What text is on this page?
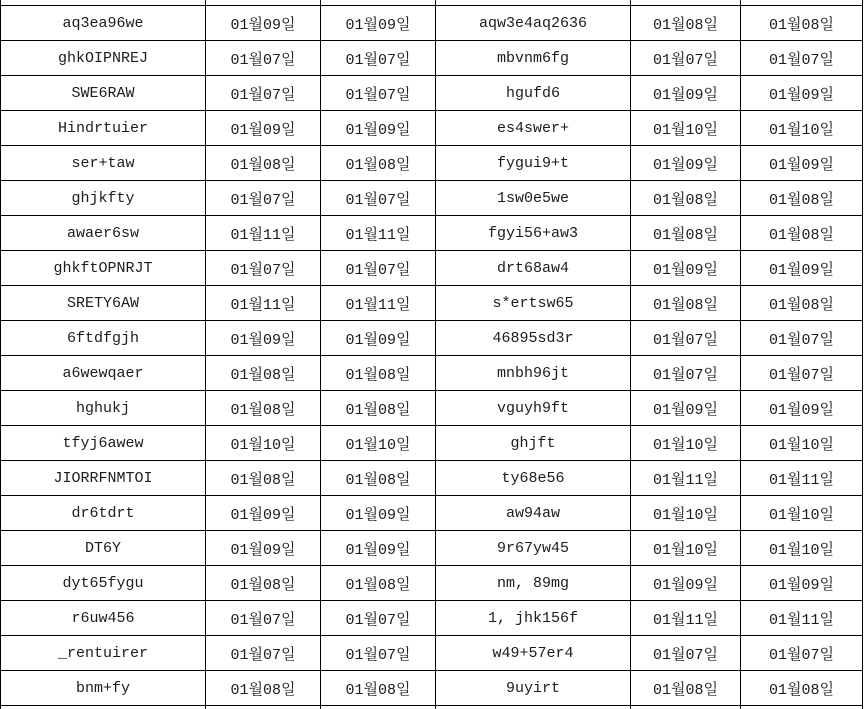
aq3ea96we	01월09일	01월09일	aqw3e4aq2636	01월08일	01월08일
ghkOIPNREJ	01월07일	01월07일	mbvnm6fg	01월07일	01월07일
SWE6RAW	01월07일	01월07일	hgufd6	01월09일	01월09일
Hindrtuier	01월09일	01월09일	es4swer+	01월10일	01월10일
ser+taw	01월08일	01월08일	fygui9+t	01월09일	01월09일
ghjkfty	01월07일	01월07일	1sw0e5we	01월08일	01월08일
awaer6sw	01월11일	01월11일	fgyi56+aw3	01월08일	01월08일
ghkftOPNRJT	01월07일	01월07일	drt68aw4	01월09일	01월09일
SRETY6AW	01월11일	01월11일	s*ertsw65	01월08일	01월08일
6ftdfgjh	01월09일	01월09일	46895sd3r	01월07일	01월07일
a6wewqaer	01월08일	01월08일	mnbh96jt	01월07일	01월07일
hghukj	01월08일	01월08일	vguyh9ft	01월09일	01월09일
tfyj6awew	01월10일	01월10일	ghjft	01월10일	01월10일
JIORRFNMTOI	01월08일	01월08일	ty68e56	01월11일	01월11일
dr6tdrt	01월09일	01월09일	aw94aw	01월10일	01월10일
DT6Y	01월09일	01월09일	9r67yw45	01월10일	01월10일
dyt65fygu	01월08일	01월08일	nm, 89mg	01월09일	01월09일
r6uw456	01월07일	01월07일	1, jhk156f	01월11일	01월11일
_rentuirer	01월07일	01월07일	w49+57er4	01월07일	01월07일
bnm+fy	01월08일	01월08일	9uyirt	01월08일	01월08일
